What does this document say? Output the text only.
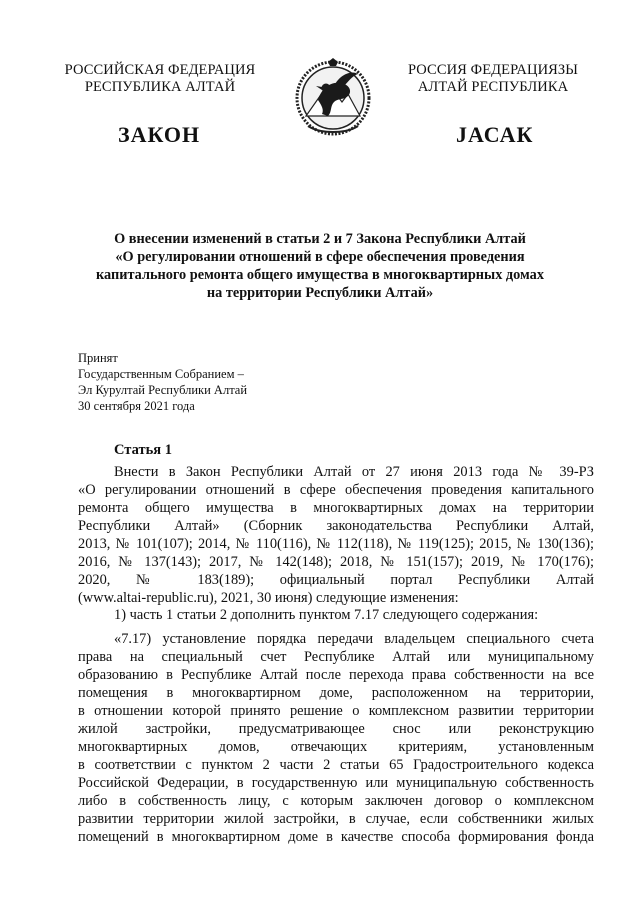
РОССИЙСКАЯ ФЕДЕРАЦИЯ
РЕСПУБЛИКА АЛТАЙ
РОССИЯ ФЕДЕРАЦИЯЗЫ
АЛТАЙ РЕСПУБЛИКА
ЗАКОН	JАСАК
О внесении изменений в статьи 2 и 7 Закона Республики Алтай
«О регулировании отношений в сфере обеспечения проведения
капитального ремонта общего имущества в многоквартирных домах
на территории Республики Алтай»
Принят
Государственным Собранием –
Эл Курултай Республики Алтай
30 сентября 2021 года
Статья 1
Внести в Закон Республики Алтай от 27 июня 2013 года № 39-РЗ
«О регулировании отношений в сфере обеспечения проведения капитального
ремонта общего имущества в многоквартирных домах на территории
Республики Алтай» (Сборник законодательства Республики Алтай,
2013, № 101(107); 2014, № 110(116), № 112(118), № 119(125); 2015, № 130(136);
2016, № 137(143); 2017, № 142(148); 2018, № 151(157); 2019, № 170(176);
2020, № 183(189); официальный портал Республики Алтай
(www.altai-republic.ru), 2021, 30 июня) следующие изменения:
1) часть 1 статьи 2 дополнить пунктом 7.17 следующего содержания:
«7.17) установление порядка передачи владельцем специального счета
права на специальный счет Республике Алтай или муниципальному
образованию в Республике Алтай после перехода права собственности на все
помещения в многоквартирном доме, расположенном на территории,
в отношении которой принято решение о комплексном развитии территории
жилой застройки, предусматривающее снос или реконструкцию
многоквартирных домов, отвечающих критериям, установленным
в соответствии с пунктом 2 части 2 статьи 65 Градостроительного кодекса
Российской Федерации, в государственную или муниципальную собственность
либо в собственность лицу, с которым заключен договор о комплексном
развитии территории жилой застройки, в случае, если собственники жилых
помещений в многоквартирном доме в качестве способа формирования фонда
